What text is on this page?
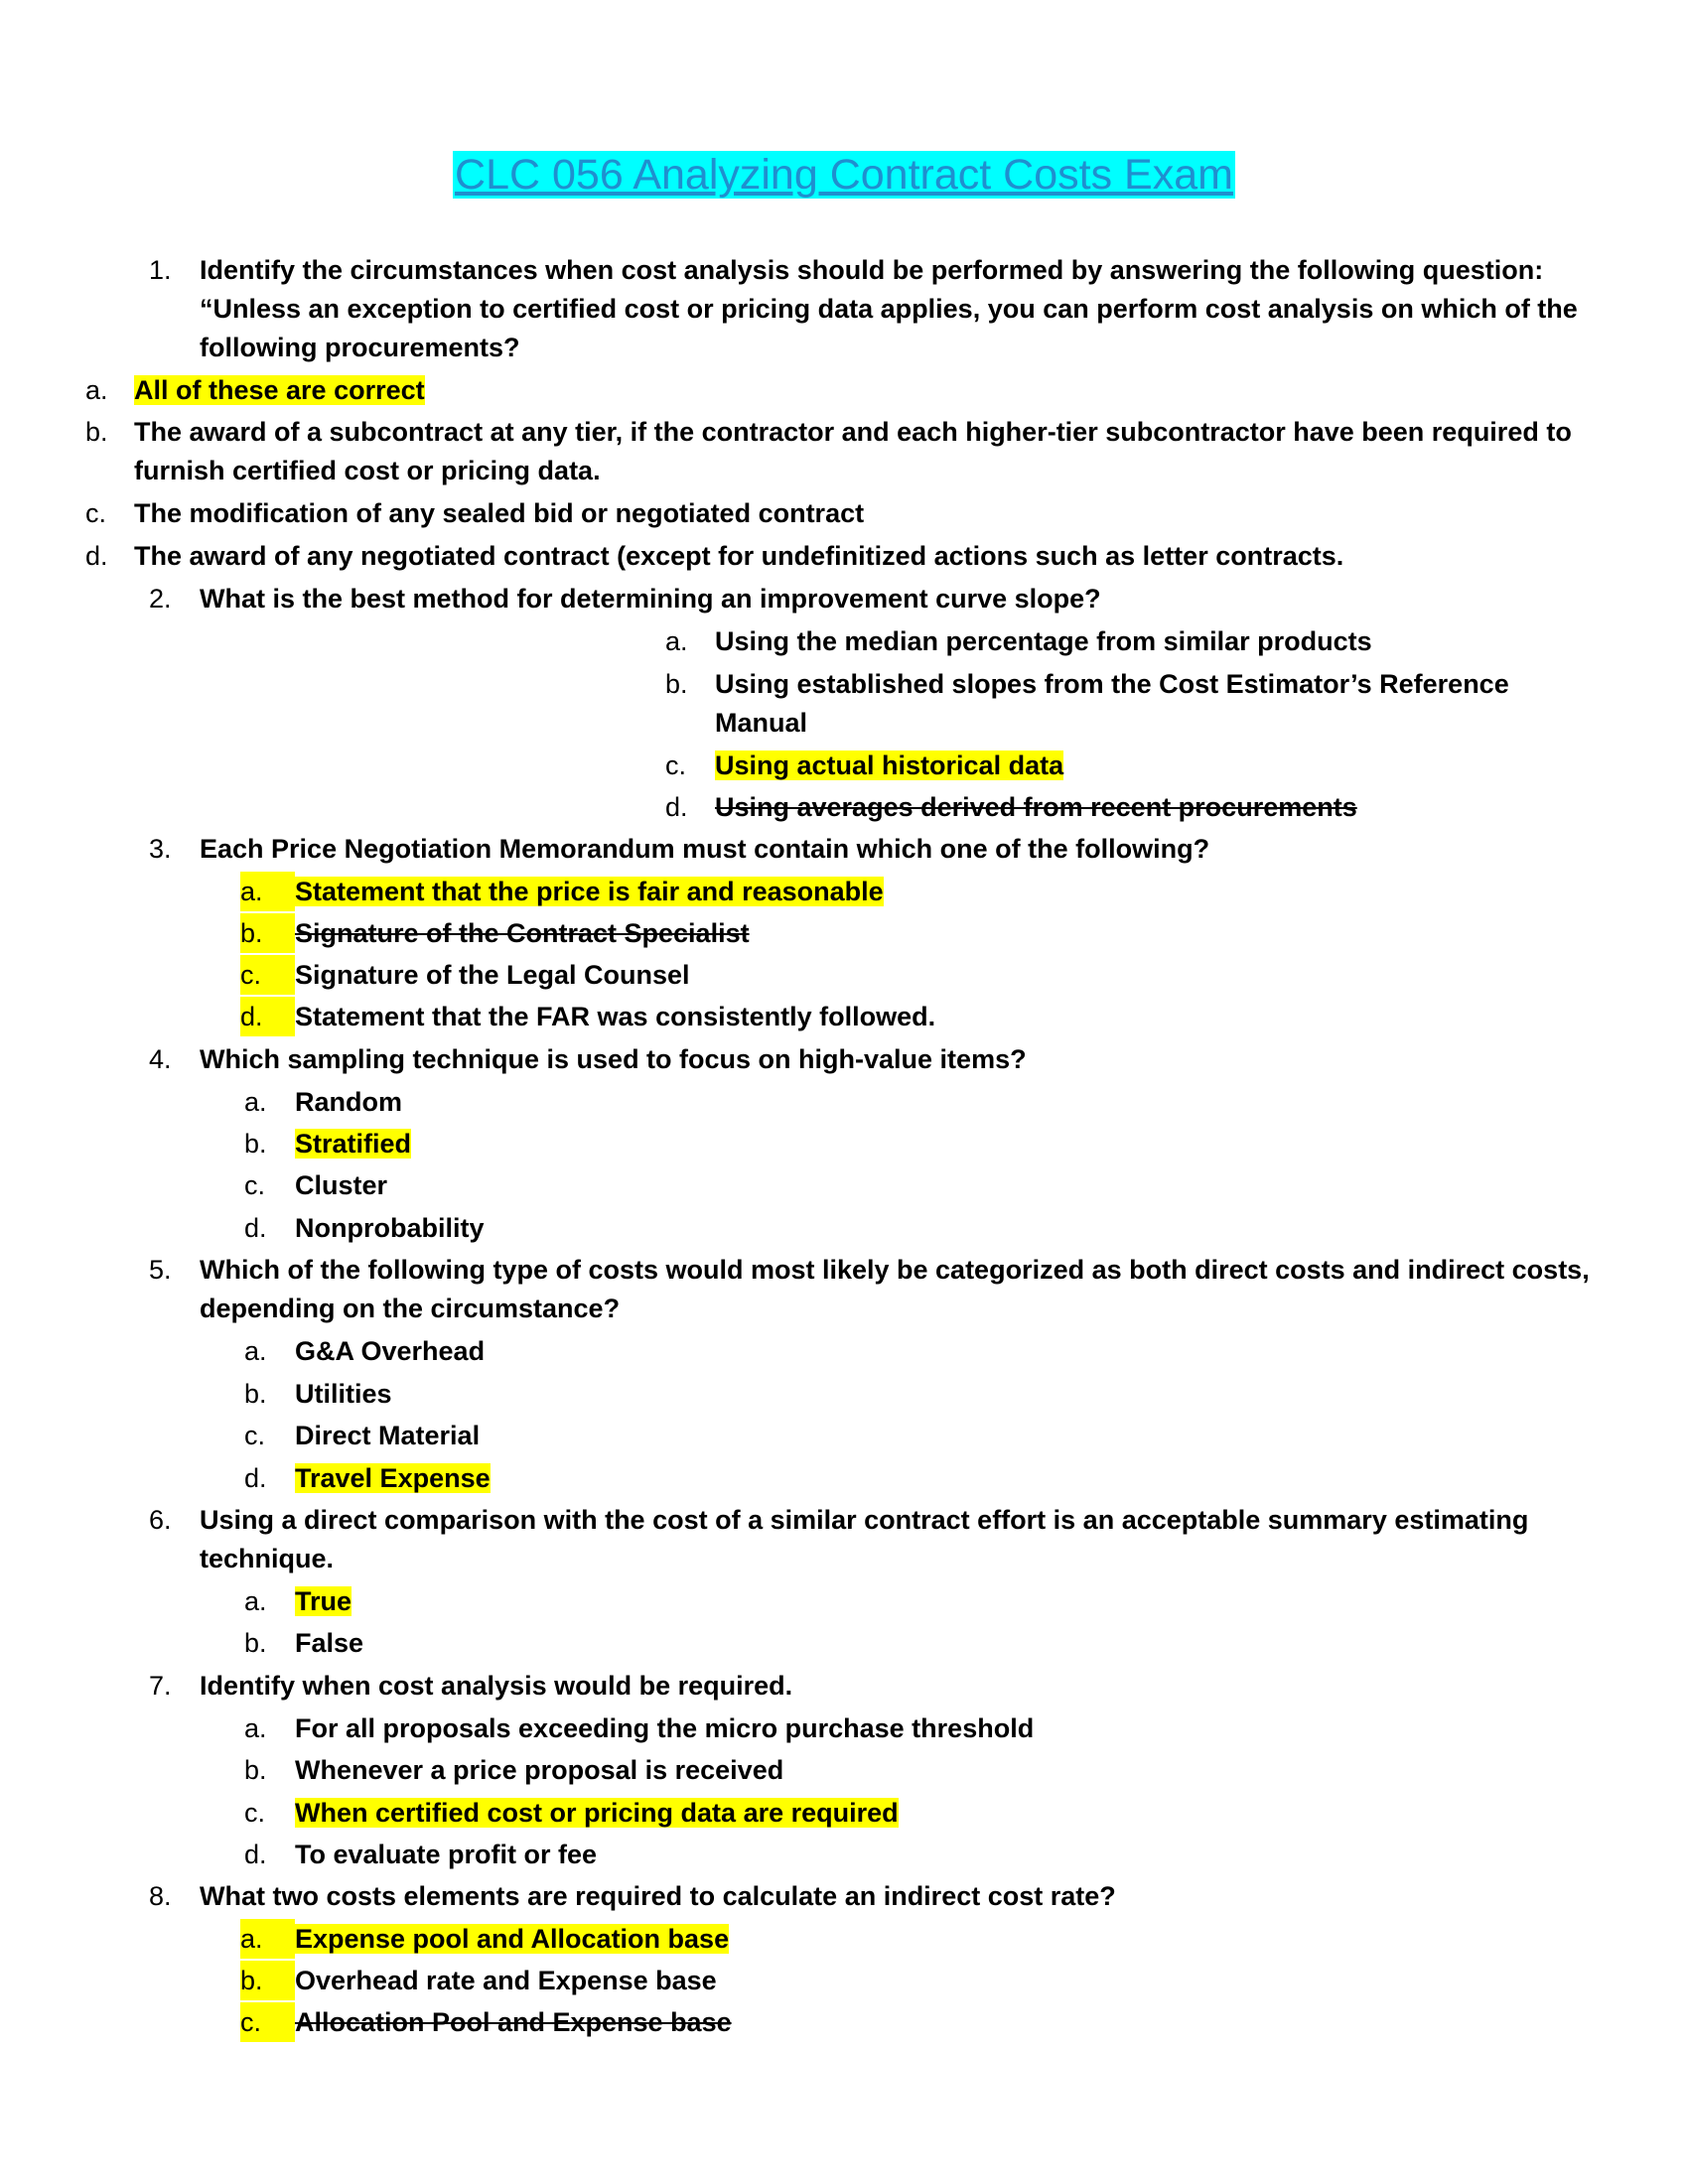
CLC 056 Analyzing Contract Costs Exam
1. Identify the circumstances when cost analysis should be performed by answering the following question:
“Unless an exception to certified cost or pricing data applies, you can perform cost analysis on which of the
following procurements?
a. All of these are correct
b. The award of a subcontract at any tier, if the contractor and each higher-tier subcontractor have been required to
furnish certified cost or pricing data.
c. The modification of any sealed bid or negotiated contract
d. The award of any negotiated contract (except for undefinitized actions such as letter contracts.
2. What is the best method for determining an improvement curve slope?
a. Using the median percentage from similar products
b. Using established slopes from the Cost Estimator’s Reference
Manual
c. Using actual historical data
d. Using averages derived from recent procurements
3. Each Price Negotiation Memorandum must contain which one of the following?
a.	Statement that the price is fair and reasonable
b.	Signature of the Contract Specialist
c.	Signature of the Legal Counsel
d.	Statement that the FAR was consistently followed.
4. Which sampling technique is used to focus on high-value items?
a. Random
b. Stratified
c. Cluster
d. Nonprobability
5. Which of the following type of costs would most likely be categorized as both direct costs and indirect costs,
depending on the circumstance?
a. G&A Overhead
b. Utilities
c. Direct Material
d. Travel Expense
6. Using a direct comparison with the cost of a similar contract effort is an acceptable summary estimating
technique.
a. True
b. False
7. Identify when cost analysis would be required.
a. For all proposals exceeding the micro purchase threshold
b. Whenever a price proposal is received
c. When certified cost or pricing data are required
d. To evaluate profit or fee
8. What two costs elements are required to calculate an indirect cost rate?
a.	Expense pool and Allocation base
b.	Overhead rate and Expense base
c.	Allocation Pool and Expense base
